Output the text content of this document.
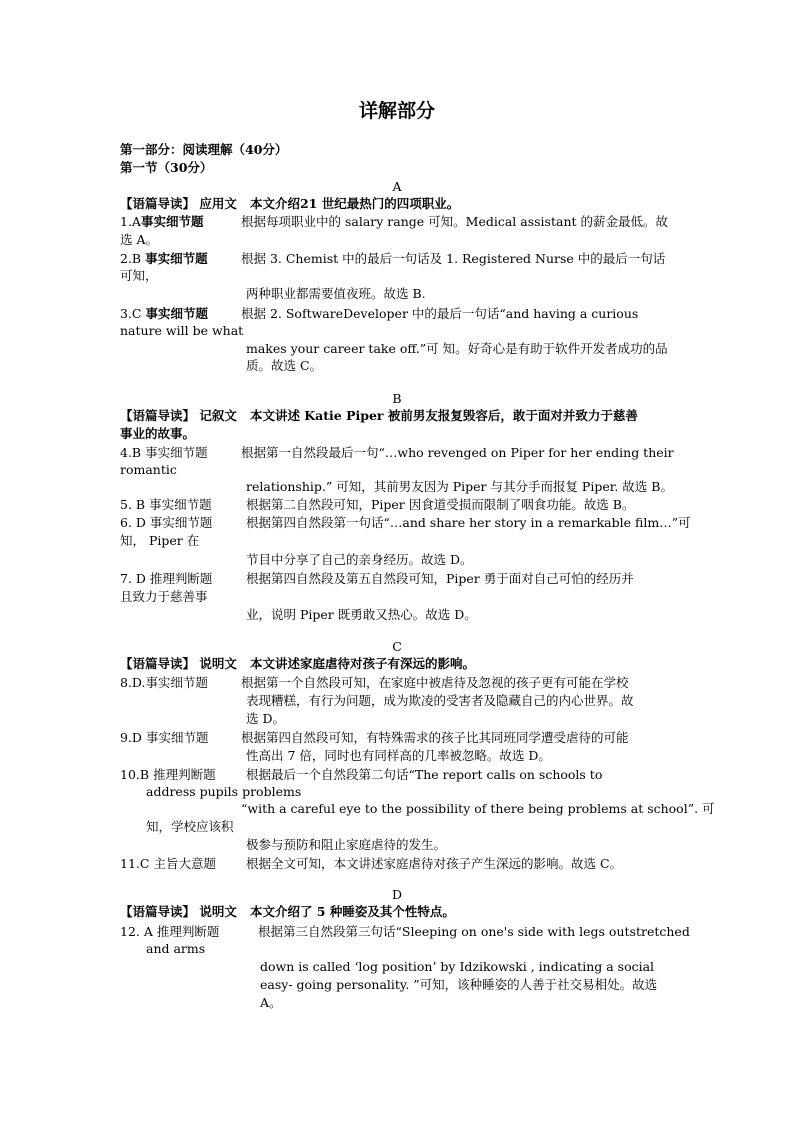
详解部分
第一部分：阅读理解（40分）
第一节（30分）
A
【语篇导读】 应用文 本文介绍21 世纪最热门的四项职业。
1.A事实细节题	根据每项职业中的 salary range 可知。Medical assistant 的薪金最低。故
选 A。
2.B 事实细节题	根据 3. Chemist 中的最后一句话及 1. Registered Nurse 中的最后一句话
可知，
两种职业都需要值夜班。故选 B.
3.C 事实细节题	根据 2. SoftwareDeveloper 中的最后一句话“and having a curious
nature will be what
makes your career take off.”可 知。好奇心是有助于软件开发者成功的品
质。故选 C。
B
【语篇导读】 记叙文 本文讲述 Katie Piper 被前男友报复毁容后，敢于面对并致力于慈善
事业的故事。
4.B 事实细节题	根据第一自然段最后一句“…who revenged on Piper for her ending their
romantic
relationship.” 可知，其前男友因为 Piper 与其分手而报复 Piper. 故选 B。
5. B 事实细节题	根据第二自然段可知，Piper 因食道受损而限制了咽食功能。故选 B。
6. D 事实细节题	根据第四自然段第一句话“…and share her story in a remarkable film…”可
知， Piper 在
节目中分享了自己的亲身经历。故选 D。
7. D 推理判断题	根据第四自然段及第五自然段可知，Piper 勇于面对自己可怕的经历并
且致力于慈善事
业，说明 Piper 既勇敢又热心。故选 D。
C
【语篇导读】 说明文 本文讲述家庭虐待对孩子有深远的影响。
8.D.事实细节题	根据第一个自然段可知，在家庭中被虐待及忽视的孩子更有可能在学校
表现糟糕，有行为问题，成为欺凌的受害者及隐藏自己的内心世界。故
选 D。
9.D 事实细节题	根据第四自然段可知，有特殊需求的孩子比其同班同学遭受虐待的可能
性高出 7 倍，同时也有同样高的几率被忽略。故选 D。
10.B 推理判断题 根据最后一个自然段第二句话“The report calls on schools to
address pupils problems
“with a careful eye to the possibility of there being problems at school”. 可
知，学校应该积
极参与预防和阻止家庭虐待的发生。
11.C 主旨大意题 根据全文可知，本文讲述家庭虐待对孩子产生深远的影响。故选 C。
D
【语篇导读】 说明文 本文介绍了 5 种睡姿及其个性特点。
12. A 推理判断题	根据第三自然段第三句话“Sleeping on one's side with legs outstretched
and arms
down is called ‘log position’ by Idzikowski , indicating a social
easy- going personality. ”可知，该种睡姿的人善于社交易相处。故选
A。
